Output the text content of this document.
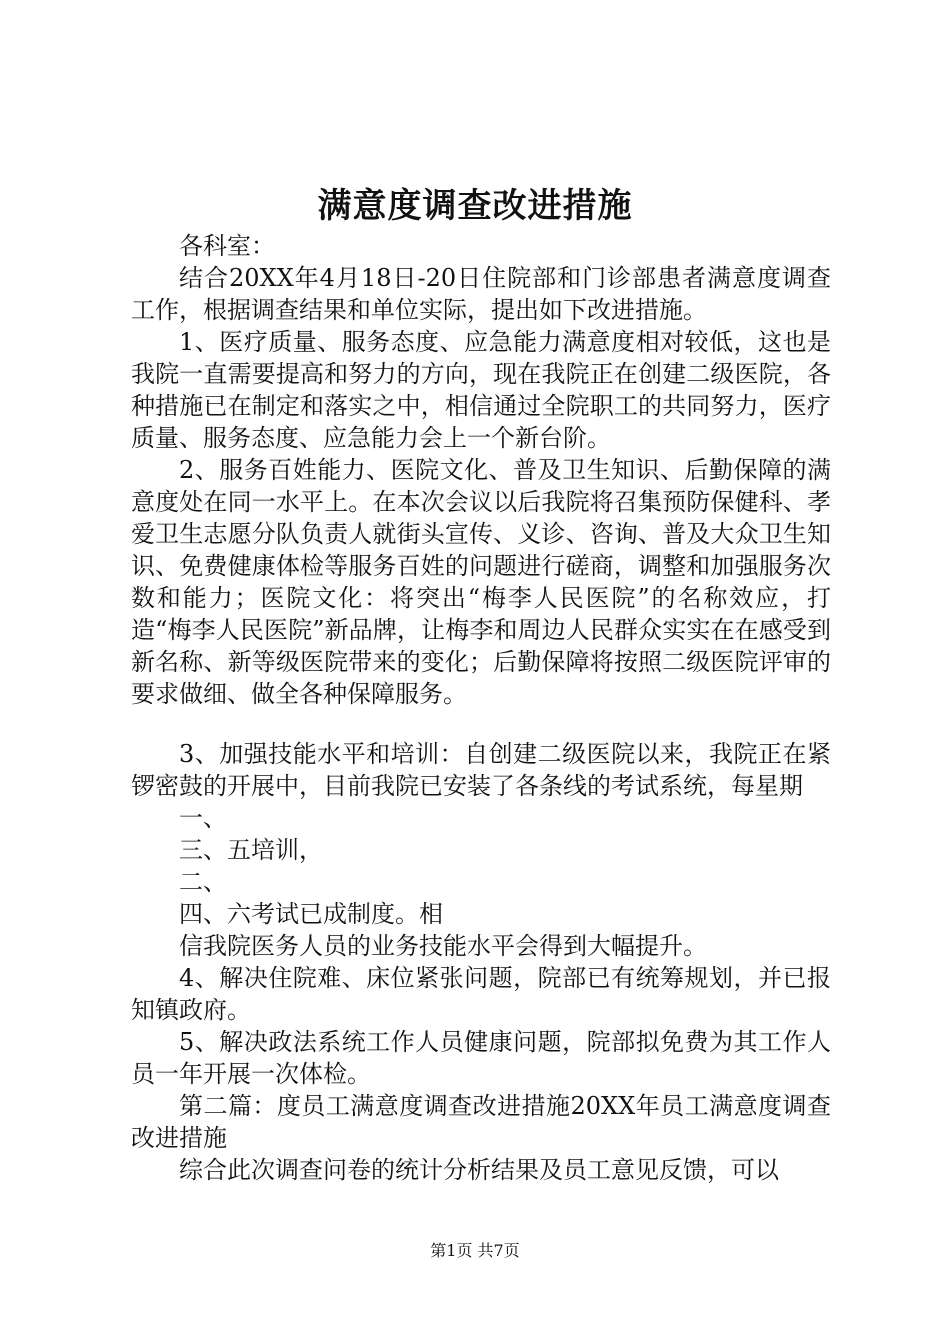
满意度调查改进措施

各科室：

结合20XX年4月18日-20日住院部和门诊部患者满意度调查工作，根据调查结果和单位实际，提出如下改进措施。

1、医疗质量、服务态度、应急能力满意度相对较低，这也是我院一直需要提高和努力的方向，现在我院正在创建二级医院，各种措施已在制定和落实之中，相信通过全院职工的共同努力，医疗质量、服务态度、应急能力会上一个新台阶。

2、服务百姓能力、医院文化、普及卫生知识、后勤保障的满意度处在同一水平上。在本次会议以后我院将召集预防保健科、孝爱卫生志愿分队负责人就街头宣传、义诊、咨询、普及大众卫生知识、免费健康体检等服务百姓的问题进行磋商，调整和加强服务次数和能力；医院文化：将突出“梅李人民医院”的名称效应，打造“梅李人民医院”新品牌，让梅李和周边人民群众实实在在感受到新名称、新等级医院带来的变化；后勤保障将按照二级医院评审的要求做细、做全各种保障服务。

3、加强技能水平和培训：自创建二级医院以来，我院正在紧锣密鼓的开展中，目前我院已安装了各条线的考试系统，每星期

一、

三、五培训，

二、

四、六考试已成制度。相

信我院医务人员的业务技能水平会得到大幅提升。

4、解决住院难、床位紧张问题，院部已有统筹规划，并已报知镇政府。

5、解决政法系统工作人员健康问题，院部拟免费为其工作人员一年开展一次体检。

第二篇：度员工满意度调查改进措施20XX年员工满意度调查改进措施

综合此次调查问卷的统计分析结果及员工意见反馈，可以

第1页 共7页
